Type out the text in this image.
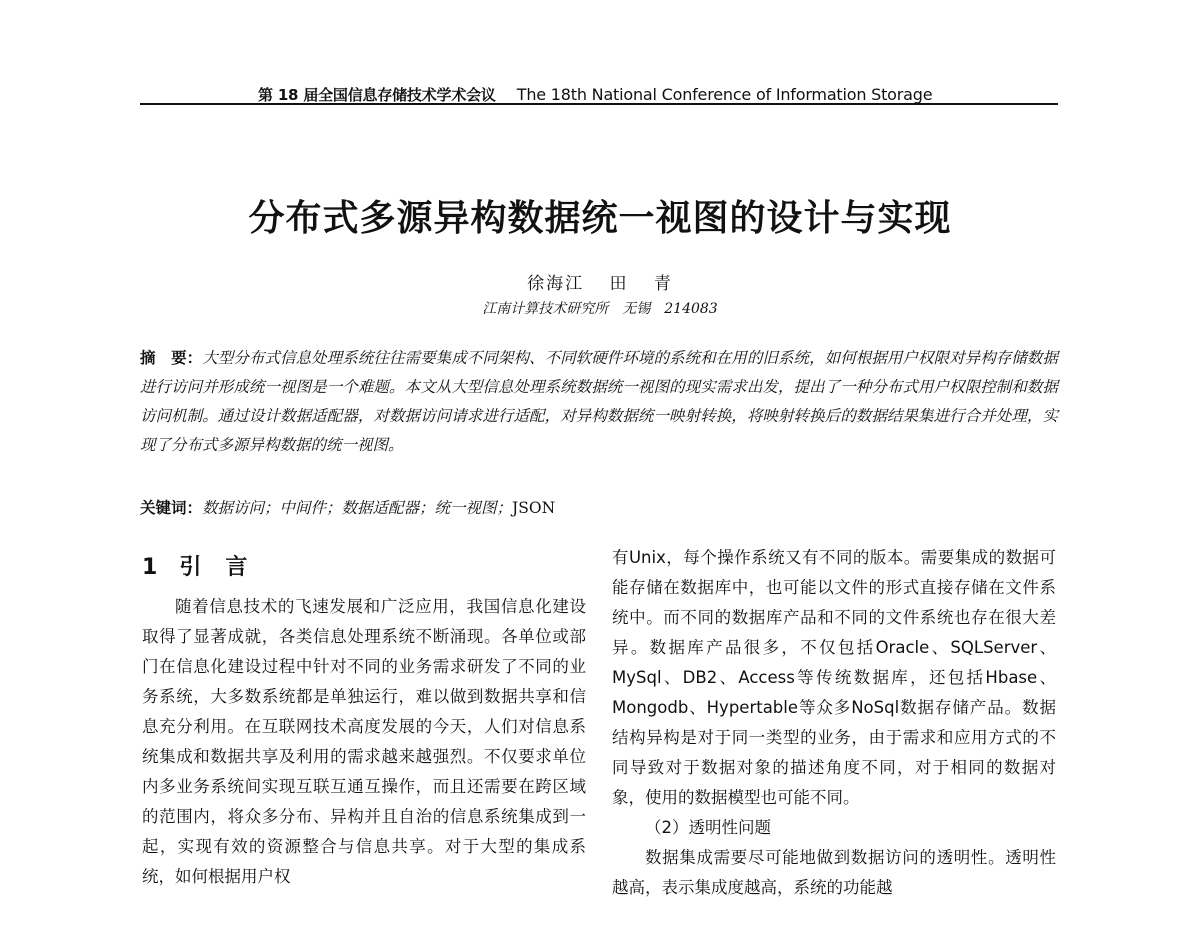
第 18 届全国信息存储技术学术会议 The 18th National Conference of Information Storage
分布式多源异构数据统一视图的设计与实现
徐海江 田 青
江南计算技术研究所 无锡 214083
摘　要：大型分布式信息处理系统往往需要集成不同架构、不同软硬件环境的系统和在用的旧系统，如何根据用户权限对异构存储数据进行访问并形成统一视图是一个难题。本文从大型信息处理系统数据统一视图的现实需求出发，提出了一种分布式用户权限控制和数据访问机制。通过设计数据适配器，对数据访问请求进行适配，对异构数据统一映射转换，将映射转换后的数据结果集进行合并处理，实现了分布式多源异构数据的统一视图。
关键词：数据访问；中间件；数据适配器；统一视图；JSON
1 引 言

随着信息技术的飞速发展和广泛应用，我国信息化建设取得了显著成就，各类信息处理系统不断涌现。各单位或部门在信息化建设过程中针对不同的业务需求研发了不同的业务系统，大多数系统都是单独运行，难以做到数据共享和信息充分利用。在互联网技术高度发展的今天，人们对信息系统集成和数据共享及利用的需求越来越强烈。不仅要求单位内多业务系统间实现互联互通互操作，而且还需要在跨区域的范围内，将众多分布、异构并且自治的信息系统集成到一起，实现有效的资源整合与信息共享。对于大型的集成系统，如何根据用户权

有Unix，每个操作系统又有不同的版本。需要集成的数据可能存储在数据库中，也可能以文件的形式直接存储在文件系统中。而不同的数据库产品和不同的文件系统也存在很大差异。数据库产品很多，不仅包括Oracle、SQLServer、MySql、DB2、Access等传统数据库，还包括Hbase、Mongodb、Hypertable等众多NoSql数据存储产品。数据结构异构是对于同一类型的业务，由于需求和应用方式的不同导致对于数据对象的描述角度不同，对于相同的数据对象，使用的数据模型也可能不同。

（2）透明性问题

数据集成需要尽可能地做到数据访问的透明性。透明性越高，表示集成度越高，系统的功能越
